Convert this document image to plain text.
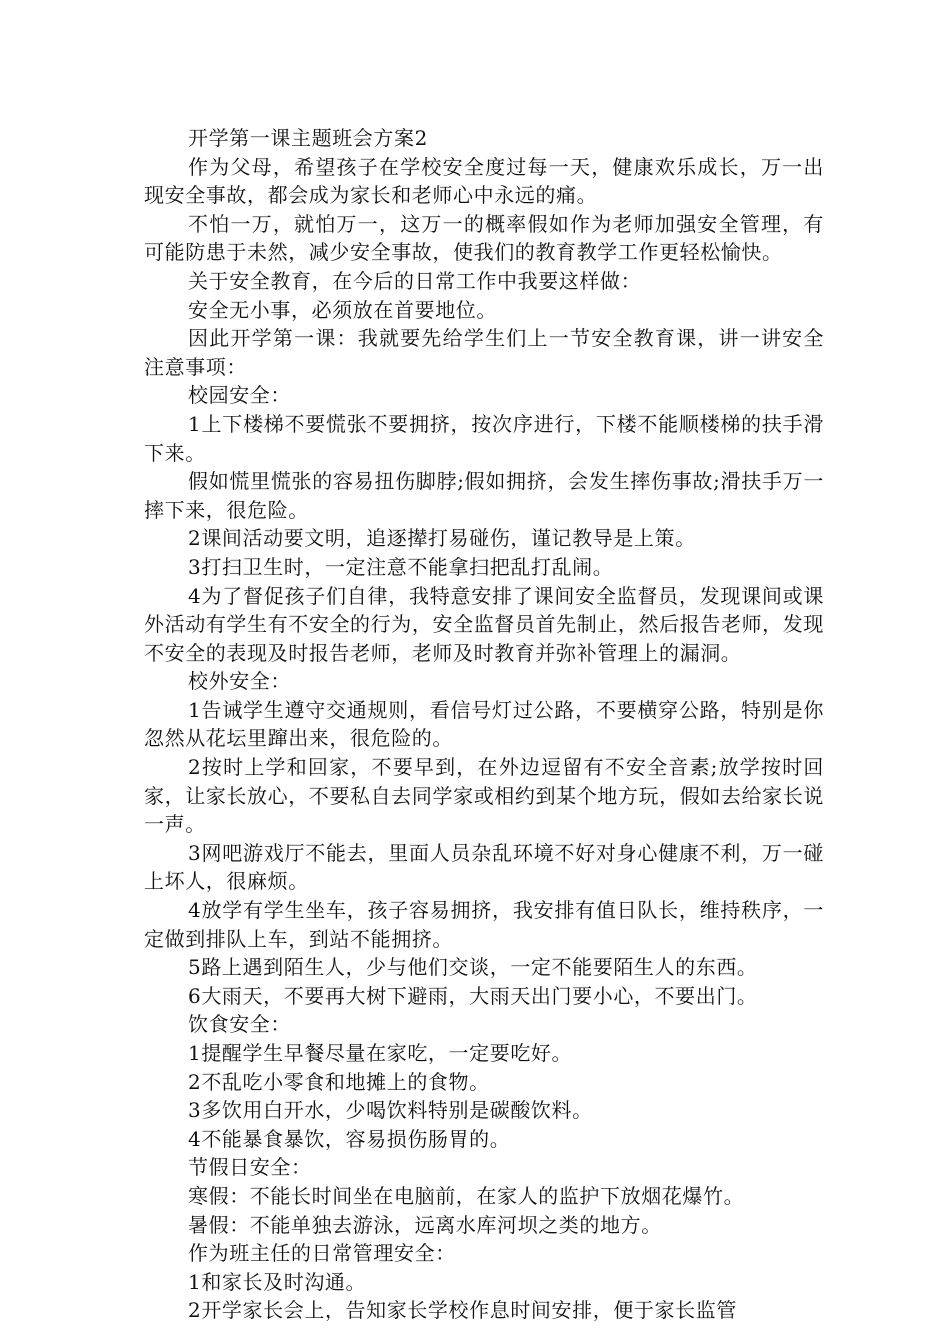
开学第一课主题班会方案2

作为父母，希望孩子在学校安全度过每一天，健康欢乐成长，万一出现安全事故，都会成为家长和老师心中永远的痛。

不怕一万，就怕万一，这万一的概率假如作为老师加强安全管理，有可能防患于未然，减少安全事故，使我们的教育教学工作更轻松愉快。

关于安全教育，在今后的日常工作中我要这样做：

安全无小事，必须放在首要地位。

因此开学第一课：我就要先给学生们上一节安全教育课，讲一讲安全注意事项：

校园安全：

1上下楼梯不要慌张不要拥挤，按次序进行，下楼不能顺楼梯的扶手滑下来。

假如慌里慌张的容易扭伤脚脖;假如拥挤，会发生摔伤事故;滑扶手万一摔下来，很危险。

2课间活动要文明，追逐撵打易碰伤，谨记教导是上策。

3打扫卫生时，一定注意不能拿扫把乱打乱闹。

4为了督促孩子们自律，我特意安排了课间安全监督员，发现课间或课外活动有学生有不安全的行为，安全监督员首先制止，然后报告老师，发现不安全的表现及时报告老师，老师及时教育并弥补管理上的漏洞。

校外安全：

1告诫学生遵守交通规则，看信号灯过公路，不要横穿公路，特别是你忽然从花坛里蹿出来，很危险的。

2按时上学和回家，不要早到，在外边逗留有不安全音素;放学按时回家，让家长放心，不要私自去同学家或相约到某个地方玩，假如去给家长说一声。

3网吧游戏厅不能去，里面人员杂乱环境不好对身心健康不利，万一碰上坏人，很麻烦。

4放学有学生坐车，孩子容易拥挤，我安排有值日队长，维持秩序，一定做到排队上车，到站不能拥挤。

5路上遇到陌生人，少与他们交谈，一定不能要陌生人的东西。

6大雨天，不要再大树下避雨，大雨天出门要小心，不要出门。

饮食安全：

1提醒学生早餐尽量在家吃，一定要吃好。

2不乱吃小零食和地摊上的食物。

3多饮用白开水，少喝饮料特别是碳酸饮料。

4不能暴食暴饮，容易损伤肠胃的。

节假日安全：

寒假：不能长时间坐在电脑前，在家人的监护下放烟花爆竹。

暑假：不能单独去游泳，远离水库河坝之类的地方。

作为班主任的日常管理安全：

1和家长及时沟通。

2开学家长会上，告知家长学校作息时间安排，便于家长监管
